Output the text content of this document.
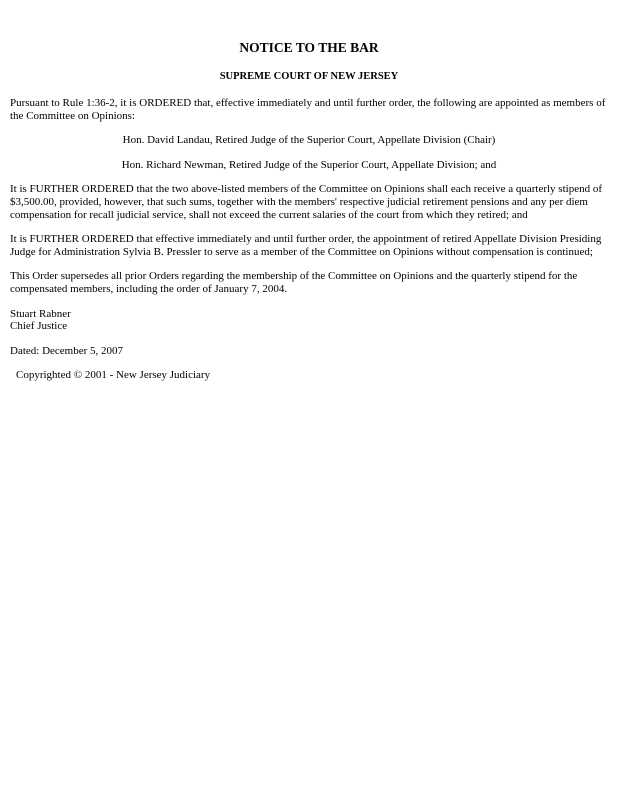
NOTICE TO THE BAR
SUPREME COURT OF NEW JERSEY

Pursuant to Rule 1:36-2, it is ORDERED that, effective immediately and until further order, the following are appointed as members of the Committee on Opinions:

Hon. David Landau, Retired Judge of the Superior Court, Appellate Division (Chair)

Hon. Richard Newman, Retired Judge of the Superior Court, Appellate Division; and

It is FURTHER ORDERED that the two above-listed members of the Committee on Opinions shall each receive a quarterly stipend of $3,500.00, provided, however, that such sums, together with the members' respective judicial retirement pensions and any per diem compensation for recall judicial service, shall not exceed the current salaries of the court from which they retired; and

It is FURTHER ORDERED that effective immediately and until further order, the appointment of retired Appellate Division Presiding Judge for Administration Sylvia B. Pressler to serve as a member of the Committee on Opinions without compensation is continued;

This Order supersedes all prior Orders regarding the membership of the Committee on Opinions and the quarterly stipend for the compensated members, including the order of January 7, 2004.

Stuart Rabner
Chief Justice

Dated: December 5, 2007

Copyrighted © 2001 - New Jersey Judiciary
